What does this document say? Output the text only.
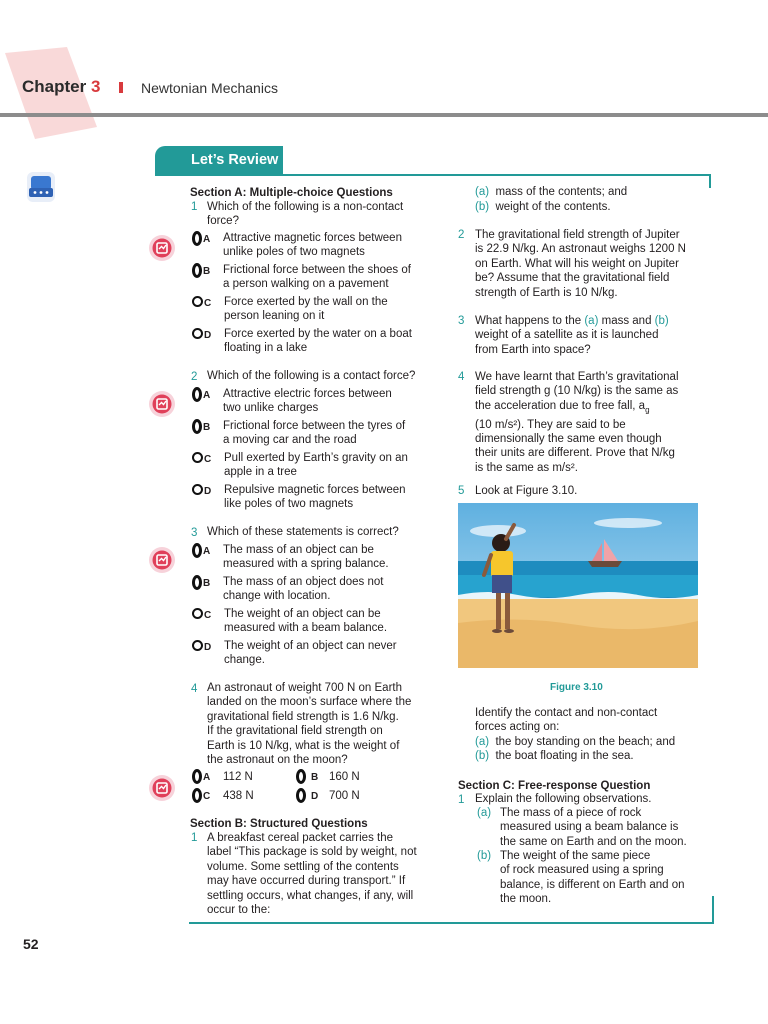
Chapter 3	Newtonian Mechanics
Let’s Review
Section A: Multiple-choice Questions
1 Which of the following is a non-contact
force?
A	Attractive magnetic forces between
unlike poles of two magnets
B	Frictional force between the shoes of
a person walking on a pavement
C	Force exerted by the wall on the
person leaning on it
D	Force exerted by the water on a boat
floating in a lake
2 Which of the following is a contact force?
A	Attractive electric forces between
two unlike charges
B	Frictional force between the tyres of
a moving car and the road
C	Pull exerted by Earth’s gravity on an
apple in a tree
D	Repulsive magnetic forces between
like poles of two magnets
3 Which of these statements is correct?
A	The mass of an object can be
measured with a spring balance.
B	The mass of an object does not
change with location.
C	The weight of an object can be
measured with a beam balance.
D	The weight of an object can never
change.
4 An astronaut of weight 700 N on Earth
landed on the moon’s surface where the
gravitational field strength is 1.6 N/kg.
If the gravitational field strength on
Earth is 10 N/kg, what is the weight of
the astronaut on the moon?
A	112 N	B 160 N
C	438 N	D 700 N
Section B: Structured Questions
1 A breakfast cereal packet carries the
label “This package is sold by weight, not
volume. Some settling of the contents
may have occurred during transport.” If
settling occurs, what changes, if any, will
occur to the:
(a) mass of the contents; and
(b) weight of the contents.
2 The gravitational field strength of Jupiter
is 22.9 N/kg. An astronaut weighs 1200 N
on Earth. What will his weight on Jupiter
be? Assume that the gravitational field
strength of Earth is 10 N/kg.
3 What happens to the (a) mass and (b)
weight of a satellite as it is launched
from Earth into space?
4 We have learnt that Earth’s gravitational
field strength g (10 N/kg) is the same as
the acceleration due to free fall, $a_g$
(10 m/s²). They are said to be
dimensionally the same even though
their units are different. Prove that N/kg
is the same as m/s².
5 Look at Figure 3.10.
Figure 3.10
Identify the contact and non-contact
forces acting on:
(a) the boy standing on the beach; and
(b) the boat floating in the sea.
Section C: Free-response Question
1 Explain the following observations.
(a) The mass of a piece of rock
measured using a beam balance is
the same on Earth and on the moon.
(b) The weight of the same piece
of rock measured using a spring
balance, is different on Earth and on
the moon.
52
